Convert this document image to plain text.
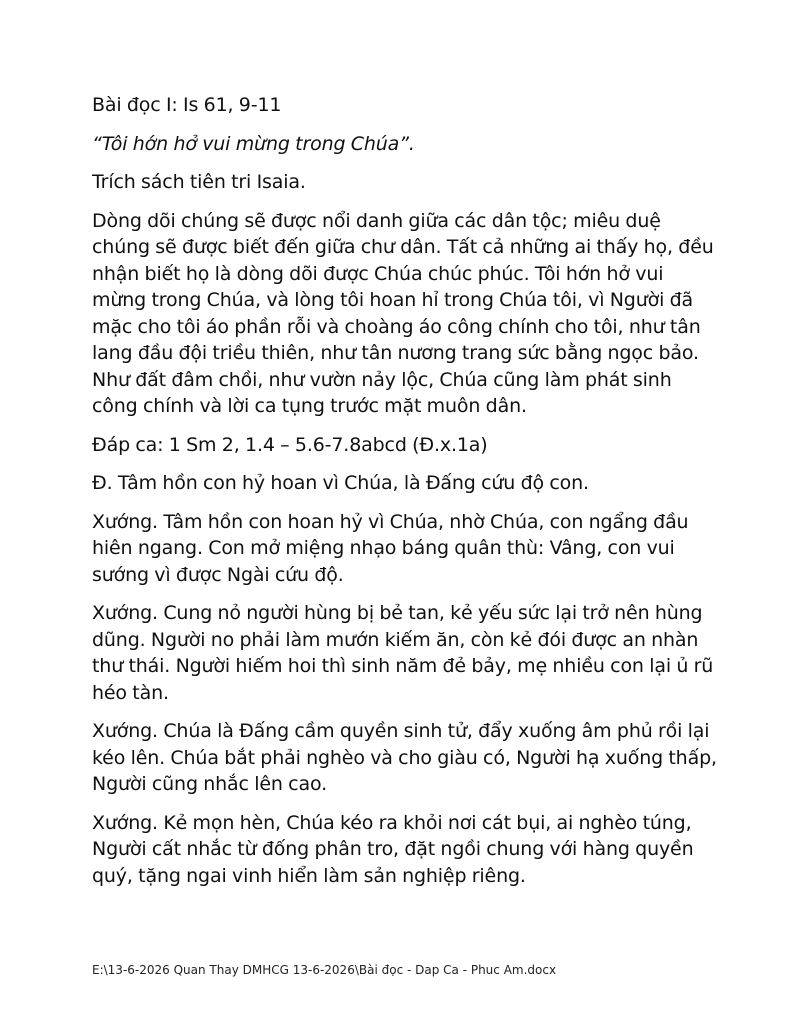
Bài đọc I: Is 61, 9-11

“Tôi hớn hở vui mừng trong Chúa”.

Trích sách tiên tri Isaia.

Dòng dõi chúng sẽ được nổi danh giữa các dân tộc; miêu duệ chúng sẽ được biết đến giữa chư dân. Tất cả những ai thấy họ, đều nhận biết họ là dòng dõi được Chúa chúc phúc. Tôi hớn hở vui mừng trong Chúa, và lòng tôi hoan hỉ trong Chúa tôi, vì Người đã mặc cho tôi áo phần rỗi và choàng áo công chính cho tôi, như tân lang đầu đội triều thiên, như tân nương trang sức bằng ngọc bảo. Như đất đâm chồi, như vườn nảy lộc, Chúa cũng làm phát sinh công chính và lời ca tụng trước mặt muôn dân.

Đáp ca: 1 Sm 2, 1.4 – 5.6-7.8abcd (Đ.x.1a)

Đ. Tâm hồn con hỷ hoan vì Chúa, là Đấng cứu độ con.

Xướng. Tâm hồn con hoan hỷ vì Chúa, nhờ Chúa, con ngẩng đầu hiên ngang. Con mở miệng nhạo báng quân thù: Vâng, con vui sướng vì được Ngài cứu độ.

Xướng. Cung nỏ người hùng bị bẻ tan, kẻ yếu sức lại trở nên hùng dũng. Người no phải làm mướn kiếm ăn, còn kẻ đói được an nhàn thư thái. Người hiếm hoi thì sinh năm đẻ bảy, mẹ nhiều con lại ủ rũ héo tàn.

Xướng. Chúa là Đấng cầm quyền sinh tử, đẩy xuống âm phủ rồi lại kéo lên. Chúa bắt phải nghèo và cho giàu có, Người hạ xuống thấp, Người cũng nhắc lên cao.

Xướng. Kẻ mọn hèn, Chúa kéo ra khỏi nơi cát bụi, ai nghèo túng, Người cất nhắc từ đống phân tro, đặt ngồi chung với hàng quyền quý, tặng ngai vinh hiển làm sản nghiệp riêng.

E:\13-6-2026 Quan Thay DMHCG 13-6-2026\Bài đọc - Dap Ca - Phuc Am.docx
